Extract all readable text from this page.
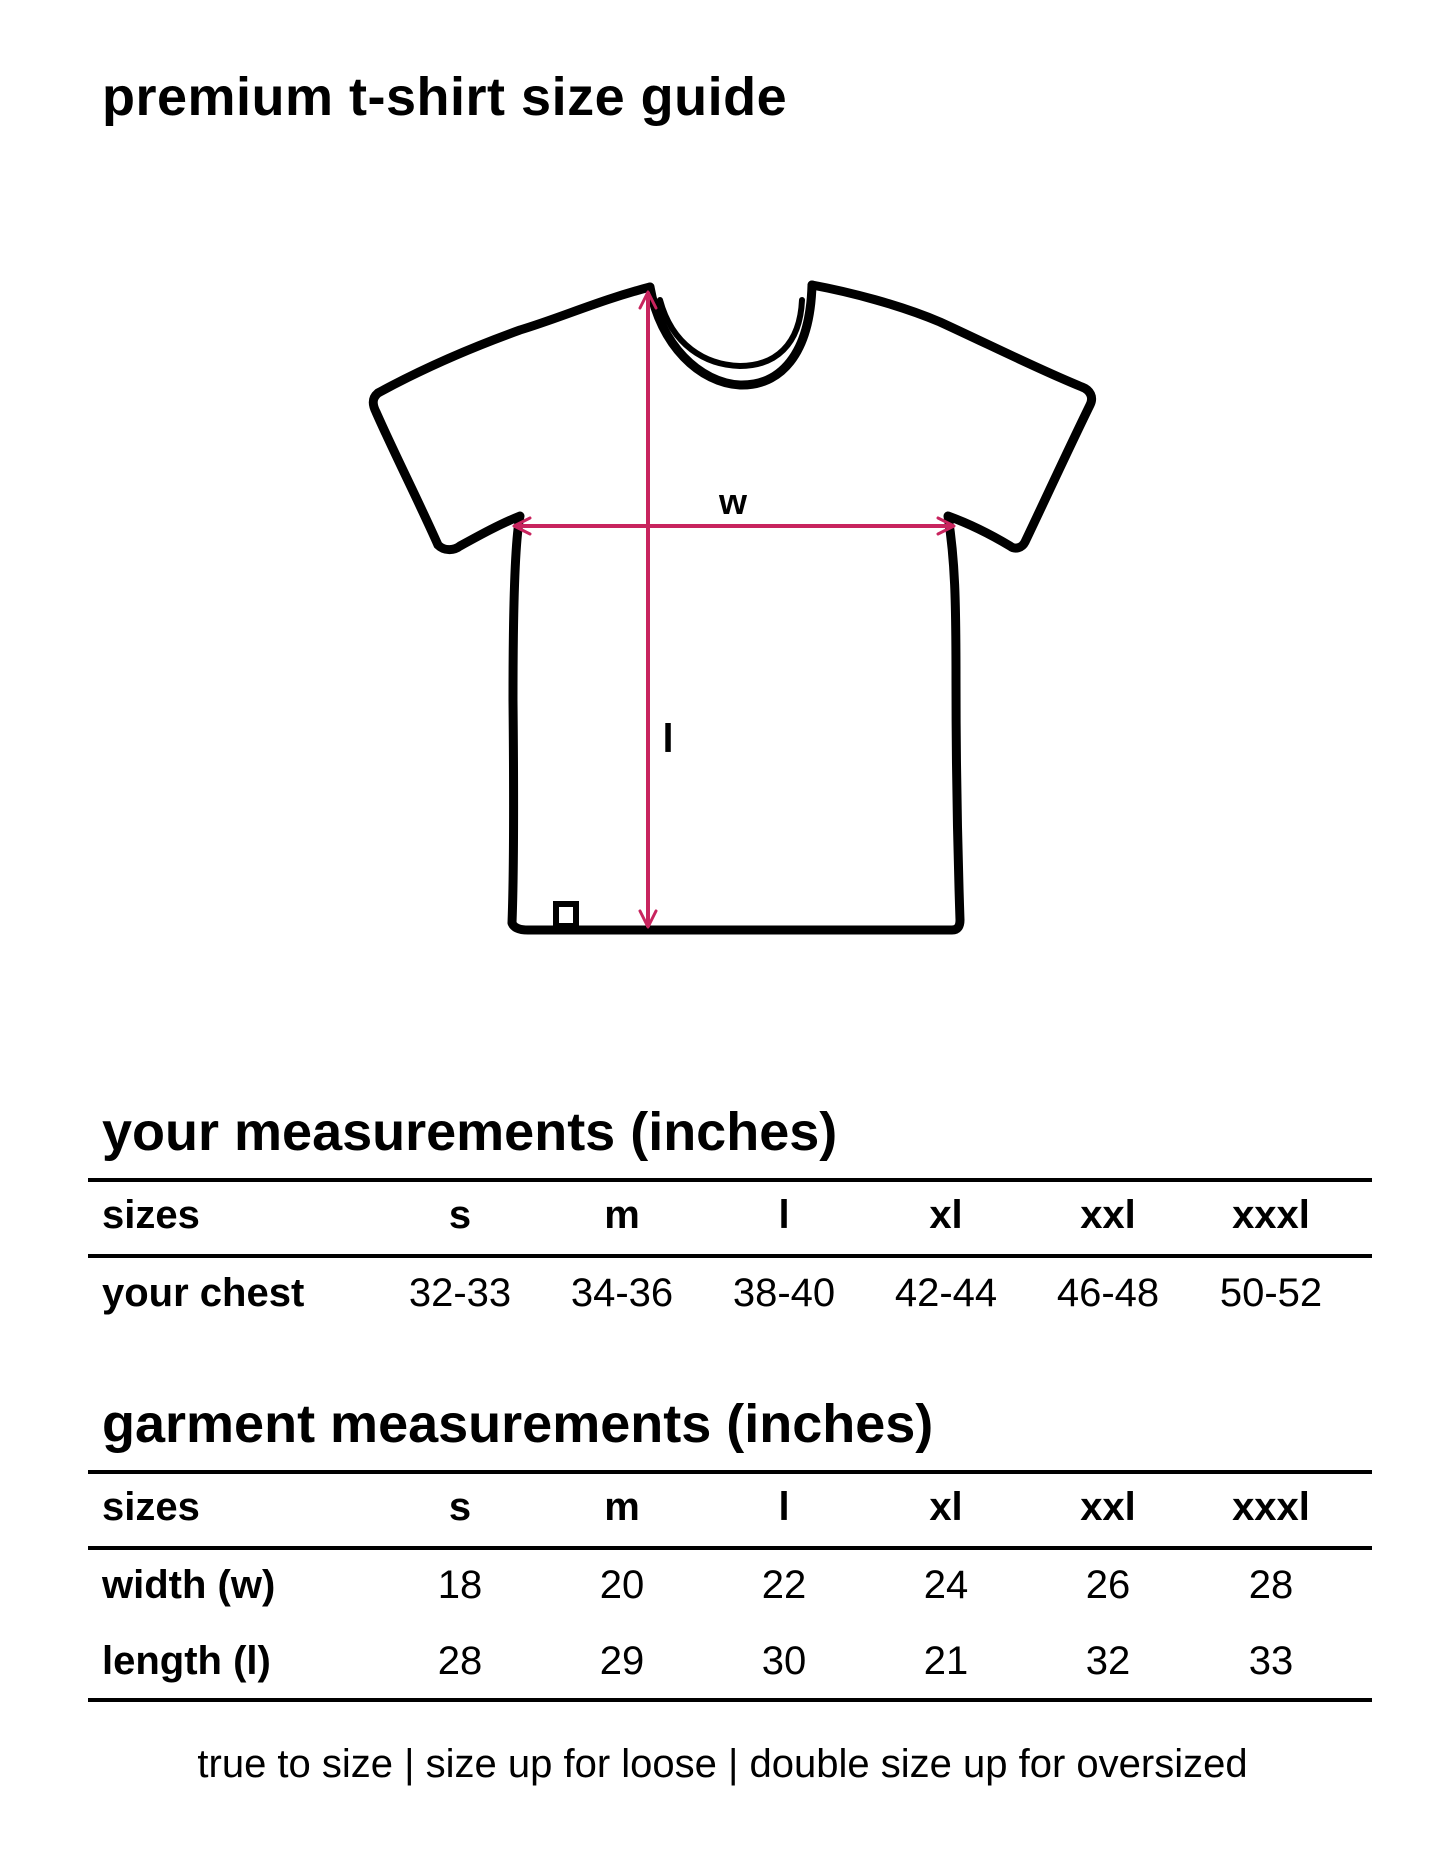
premium t-shirt size guide
w
l
your measurements (inches)
sizes	s	m	l	xl	xxl	xxxl
your chest	32-33	34-36	38-40	42-44	46-48	50-52
garment measurements (inches)
sizes	s	m	l	xl	xxl	xxxl
width (w)	18	20	22	24	26	28
length (l)	28	29	30	21	32	33
true to size | size up for loose | double size up for oversized
